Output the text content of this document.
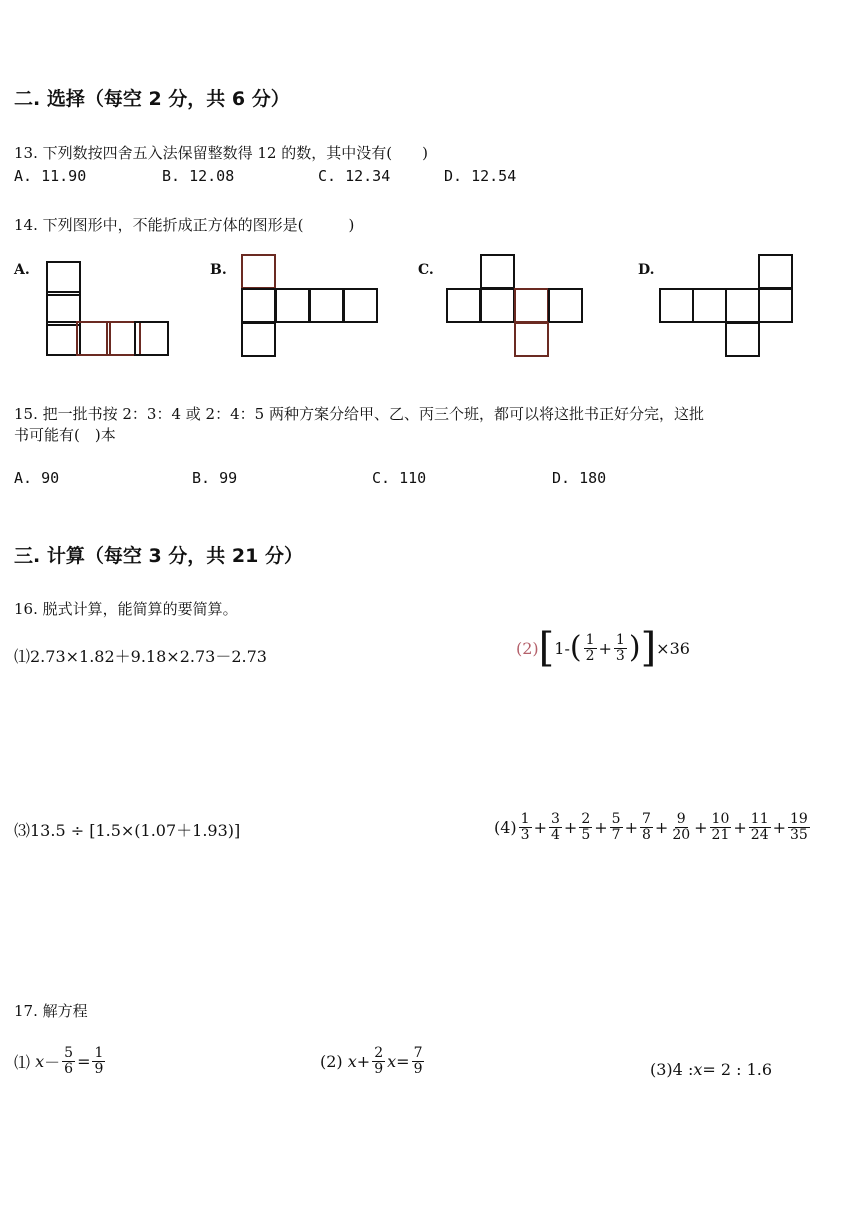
二. 选择（每空 2 分，共 6 分）
13. 下列数按四舍五入法保留整数得 12 的数，其中没有(　　)
A. 11.90	B. 12.08	C. 12.34	D. 12.54
14. 下列图形中，不能折成正方体的图形是(　　　)
A.	B.	C.	D.
15. 把一批书按 2：3：4 或 2：4：5 两种方案分给甲、乙、丙三个班，都可以将这批书正好分完，这批
书可能有(　)本
A. 90	B. 99	C. 110	D. 180
三. 计算（每空 3 分，共 21 分）
16. 脱式计算，能简算的要简算。
⑴2.73×1.82＋9.18×2.73－2.73	(2) [ 1- ( $\frac{1}{2} + \frac{1}{3}$ ) ] ×36
⑶13.5 ÷ [1.5×(1.07＋1.93)]	$(4) \frac{1}{3} + \frac{3}{4} + \frac{2}{5} + \frac{5}{7} + \frac{7}{8} + \frac{9}{20} + \frac{10}{21} + \frac{11}{24} + \frac{19}{35}$
17. 解方程
⑴
$x - \frac{5}{6} = \frac{1}{9}$	(2)
$x + \frac{2}{9}$ $x = \frac{7}{9}$	(3) 4 : x = 2 : 1.6
